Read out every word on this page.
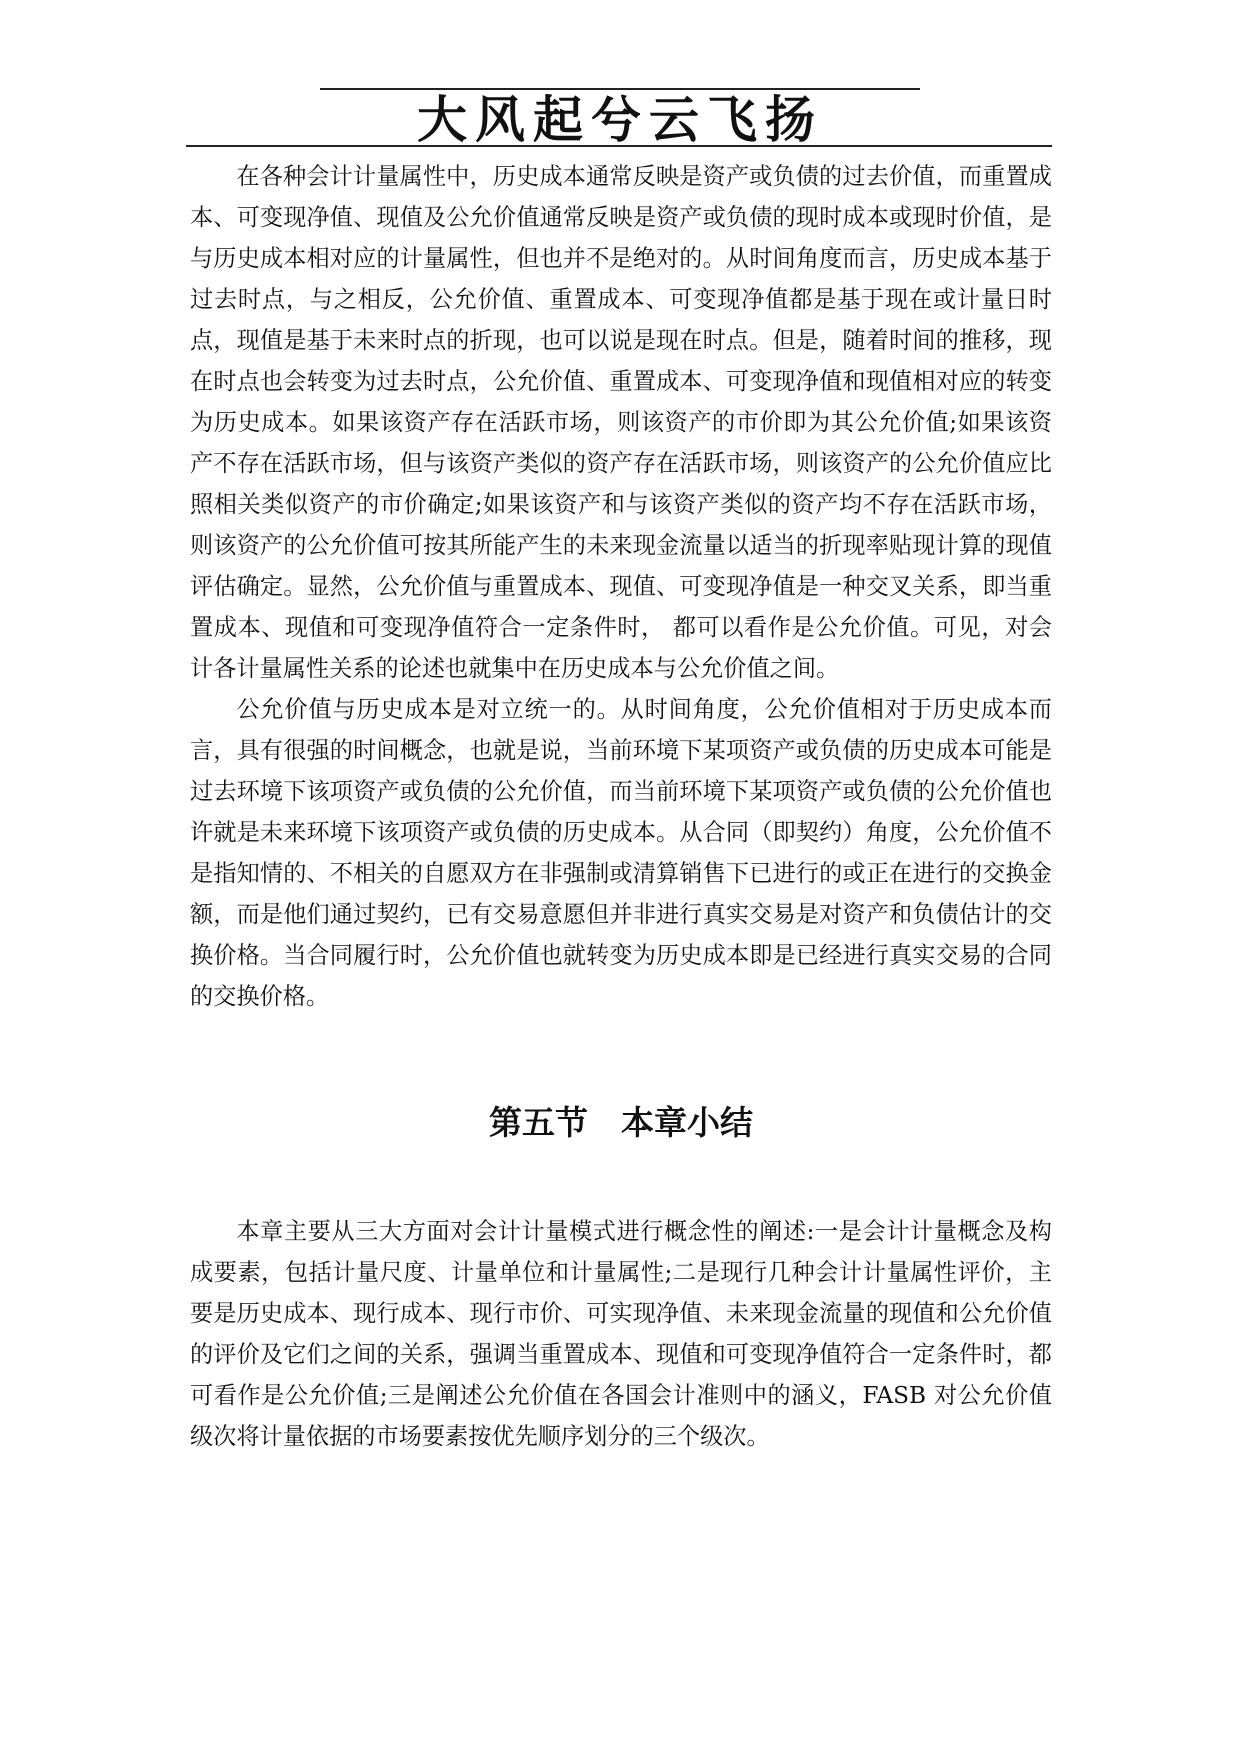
大风起兮云飞扬

在各种会计计量属性中，历史成本通常反映是资产或负债的过去价值，而重置成本、可变现净值、现值及公允价值通常反映是资产或负债的现时成本或现时价值，是与历史成本相对应的计量属性，但也并不是绝对的。从时间角度而言，历史成本基于过去时点，与之相反，公允价值、重置成本、可变现净值都是基于现在或计量日时点，现值是基于未来时点的折现，也可以说是现在时点。但是，随着时间的推移，现在时点也会转变为过去时点，公允价值、重置成本、可变现净值和现值相对应的转变为历史成本。如果该资产存在活跃市场，则该资产的市价即为其公允价值;如果该资产不存在活跃市场，但与该资产类似的资产存在活跃市场，则该资产的公允价值应比照相关类似资产的市价确定;如果该资产和与该资产类似的资产均不存在活跃市场，则该资产的公允价值可按其所能产生的未来现金流量以适当的折现率贴现计算的现值评估确定。显然，公允价值与重置成本、现值、可变现净值是一种交叉关系，即当重置成本、现值和可变现净值符合一定条件时， 都可以看作是公允价值。可见，对会计各计量属性关系的论述也就集中在历史成本与公允价值之间。

公允价值与历史成本是对立统一的。从时间角度，公允价值相对于历史成本而言，具有很强的时间概念，也就是说，当前环境下某项资产或负债的历史成本可能是过去环境下该项资产或负债的公允价值，而当前环境下某项资产或负债的公允价值也许就是未来环境下该项资产或负债的历史成本。从合同（即契约）角度，公允价值不是指知情的、不相关的自愿双方在非强制或清算销售下已进行的或正在进行的交换金额，而是他们通过契约，已有交易意愿但并非进行真实交易是对资产和负债估计的交换价格。当合同履行时，公允价值也就转变为历史成本即是已经进行真实交易的合同的交换价格。

第五节　本章小结

本章主要从三大方面对会计计量模式进行概念性的阐述:一是会计计量概念及构成要素，包括计量尺度、计量单位和计量属性;二是现行几种会计计量属性评价，主要是历史成本、现行成本、现行市价、可实现净值、未来现金流量的现值和公允价值的评价及它们之间的关系，强调当重置成本、现值和可变现净值符合一定条件时，都可看作是公允价值;三是阐述公允价值在各国会计准则中的涵义，FASB 对公允价值级次将计量依据的市场要素按优先顺序划分的三个级次。
